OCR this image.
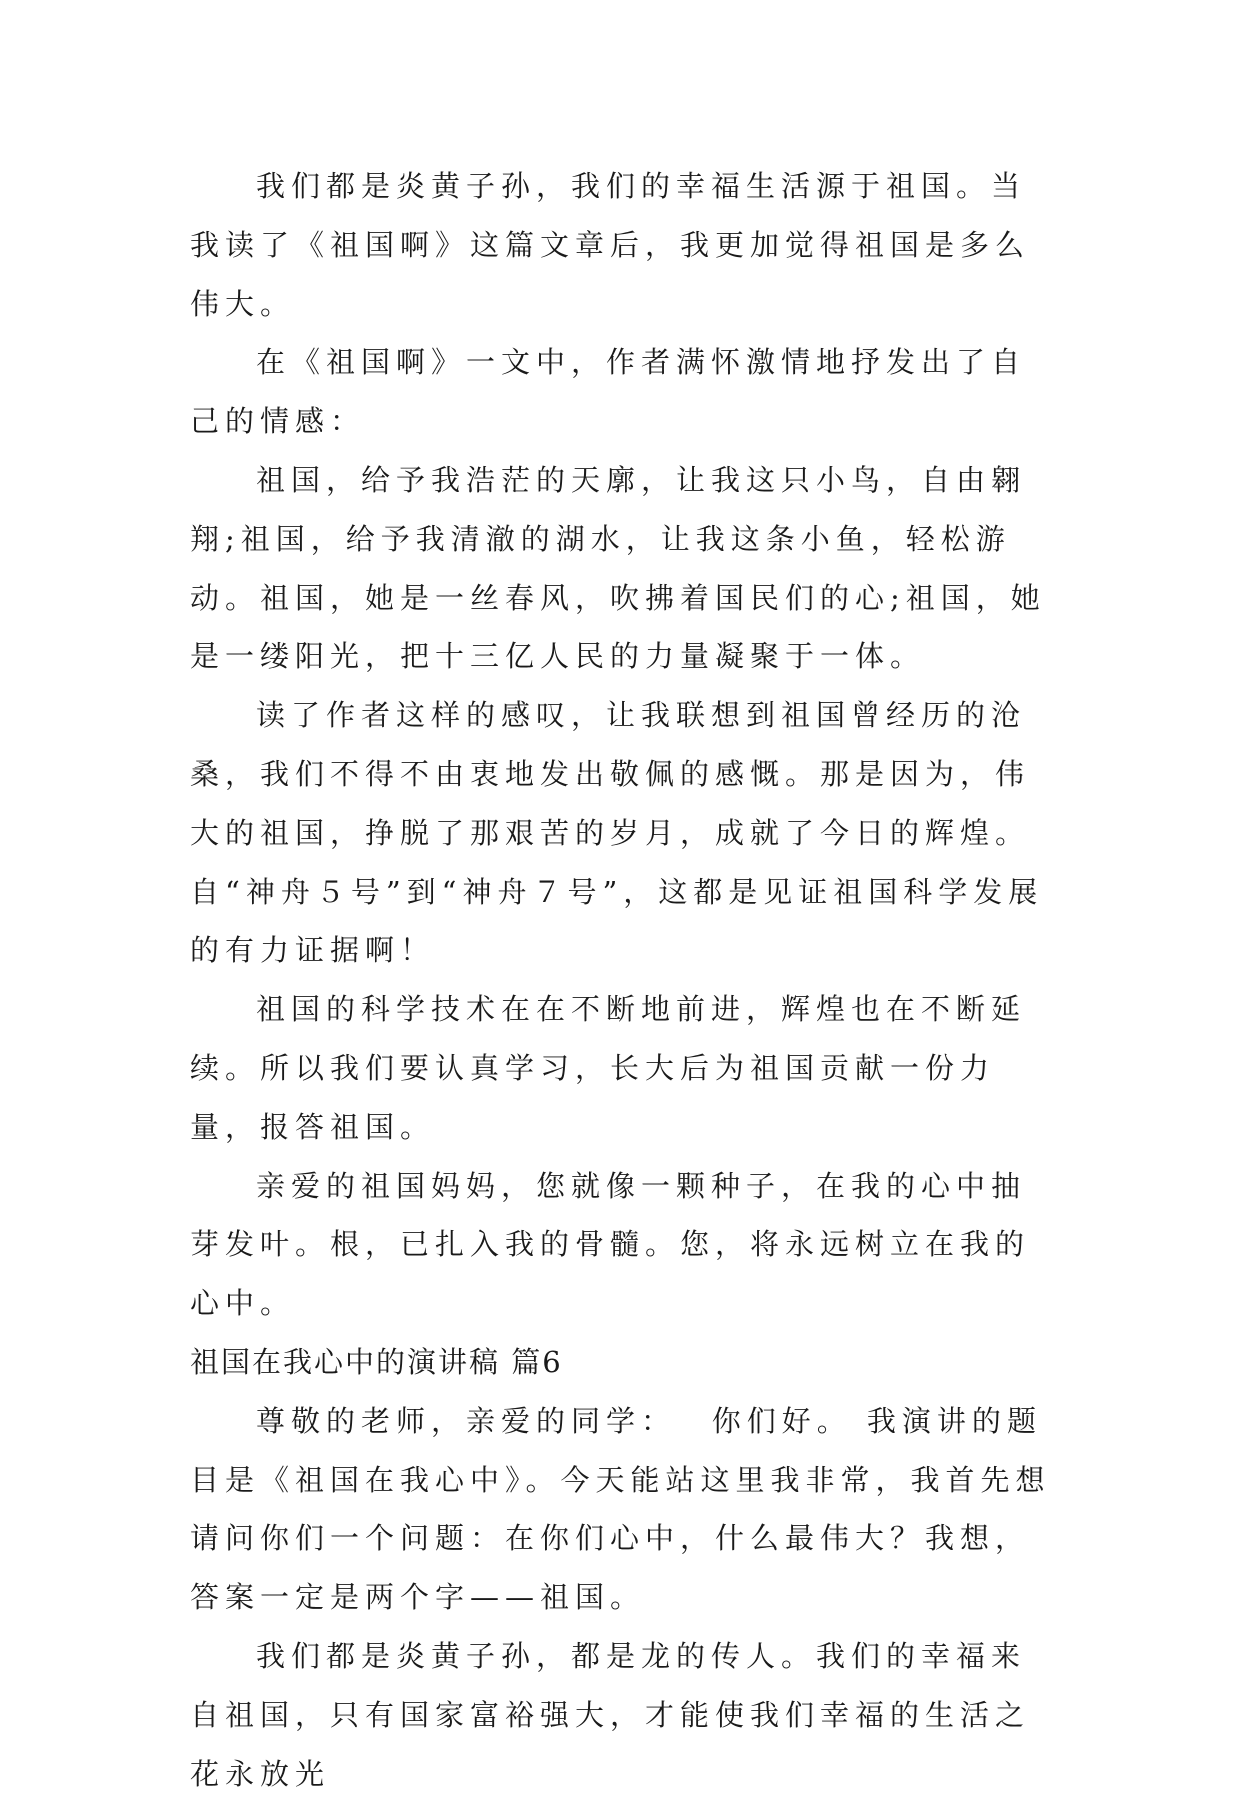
我们都是炎黄子孙，我们的幸福生活源于祖国。当我读了《祖国啊》这篇文章后，我更加觉得祖国是多么伟大。

在《祖国啊》一文中，作者满怀激情地抒发出了自己的情感：

祖国，给予我浩茫的天廓，让我这只小鸟，自由翱翔;祖国，给予我清澈的湖水，让我这条小鱼，轻松游动。祖国，她是一丝春风，吹拂着国民们的心;祖国，她是一缕阳光，把十三亿人民的力量凝聚于一体。

读了作者这样的感叹，让我联想到祖国曾经历的沧桑，我们不得不由衷地发出敬佩的感慨。那是因为，伟大的祖国，挣脱了那艰苦的岁月，成就了今日的辉煌。自“神舟５号”到“神舟７号”，这都是见证祖国科学发展的有力证据啊！

祖国的科学技术在在不断地前进，辉煌也在不断延续。所以我们要认真学习，长大后为祖国贡献一份力量，报答祖国。

亲爱的祖国妈妈，您就像一颗种子，在我的心中抽芽发叶。根，已扎入我的骨髓。您，将永远树立在我的心中。

祖国在我心中的演讲稿 篇6

尊敬的老师，亲爱的同学：　 你们好。 我演讲的题目是《祖国在我心中》。今天能站这里我非常，我首先想请问你们一个问题：在你们心中，什么最伟大？我想，答案一定是两个字——祖国。

我们都是炎黄子孙，都是龙的传人。我们的幸福来自祖国，只有国家富裕强大，才能使我们幸福的生活之花永放光
